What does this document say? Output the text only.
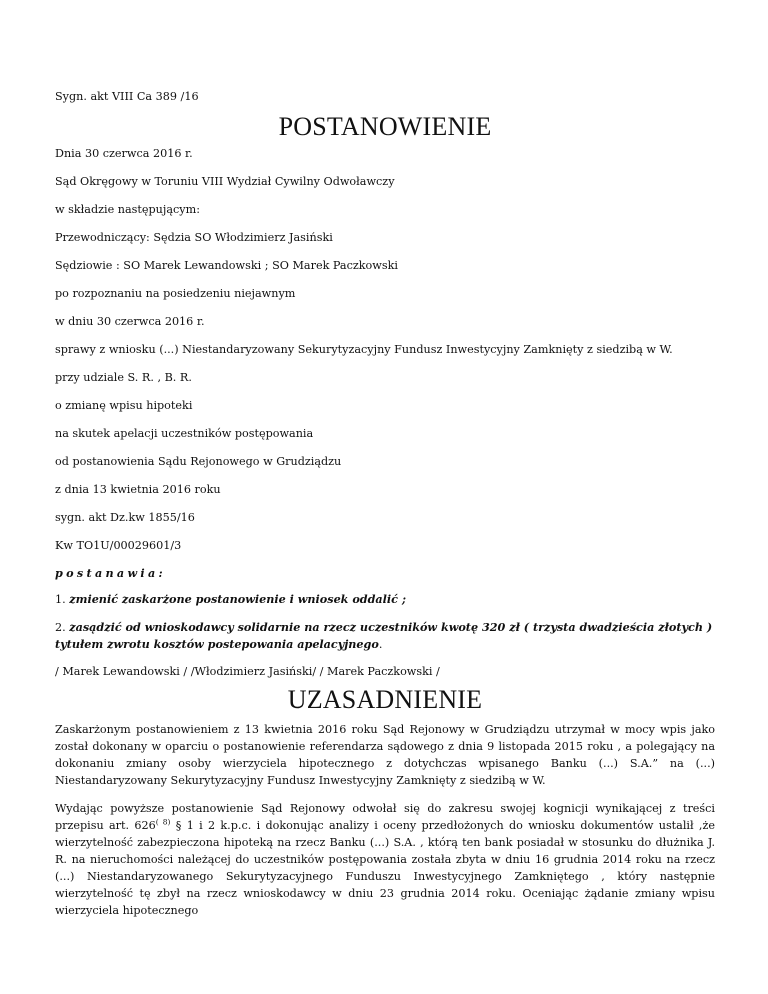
Sygn. akt VIII Ca 389 /16
POSTANOWIENIE
Dnia 30 czerwca 2016 r.
Sąd Okręgowy w Toruniu VIII Wydział Cywilny Odwoławczy
w składzie następującym:
Przewodniczący: Sędzia SO Włodzimierz Jasiński
Sędziowie : SO Marek Lewandowski ; SO Marek Paczkowski
po rozpoznaniu na posiedzeniu niejawnym
w dniu 30 czerwca 2016 r.
sprawy z wniosku (...) Niestandaryzowany Sekurytyzacyjny Fundusz Inwestycyjny Zamknięty z siedzibą w W.
przy udziale S. R. , B. R.
o zmianę wpisu hipoteki
na skutek apelacji uczestników postępowania
od postanowienia Sądu Rejonowego w Grudziądzu
z dnia 13 kwietnia 2016 roku
sygn. akt Dz.kw 1855/16
Kw TO1U/00029601/3
postanawia:
1. zmienić zaskarżone postanowienie i wniosek oddalić ;
2. zasądzić od wnioskodawcy solidarnie na rzecz uczestników kwotę 320 zł ( trzysta dwadzieścia złotych ) tytułem zwrotu kosztów postepowania apelacyjnego.
/ Marek Lewandowski / /Włodzimierz Jasiński/ / Marek Paczkowski /
UZASADNIENIE

Zaskarżonym postanowieniem z 13 kwietnia 2016 roku Sąd Rejonowy w Grudziądzu utrzymał w mocy wpis jako został dokonany w oparciu o postanowienie referendarza sądowego z dnia 9 listopada 2015 roku , a polegający na dokonaniu zmiany osoby wierzyciela hipotecznego z dotychczas wpisanego Banku (...) S.A.” na (...) Niestandaryzowany Sekurytyzacyjny Fundusz Inwestycyjny Zamknięty z siedzibą w W.

Wydając powyższe postanowienie Sąd Rejonowy odwołał się do zakresu swojej kognicji wynikającej z treści przepisu art. $626^{( 8)}$ § 1 i 2 k.p.c. i dokonując analizy i oceny przedłożonych do wniosku dokumentów ustalił ,że wierzytelność zabezpieczona hipoteką na rzecz Banku (...) S.A. , którą ten bank posiadał w stosunku do dłużnika J. R. na nieruchomości należącej do uczestników postępowania została zbyta w dniu 16 grudnia 2014 roku na rzecz (...) Niestandaryzowanego Sekurytyzacyjnego Funduszu Inwestycyjnego Zamkniętego , który następnie wierzytelność tę zbył na rzecz wnioskodawcy w dniu 23 grudnia 2014 roku. Oceniając żądanie zmiany wpisu wierzyciela hipotecznego
